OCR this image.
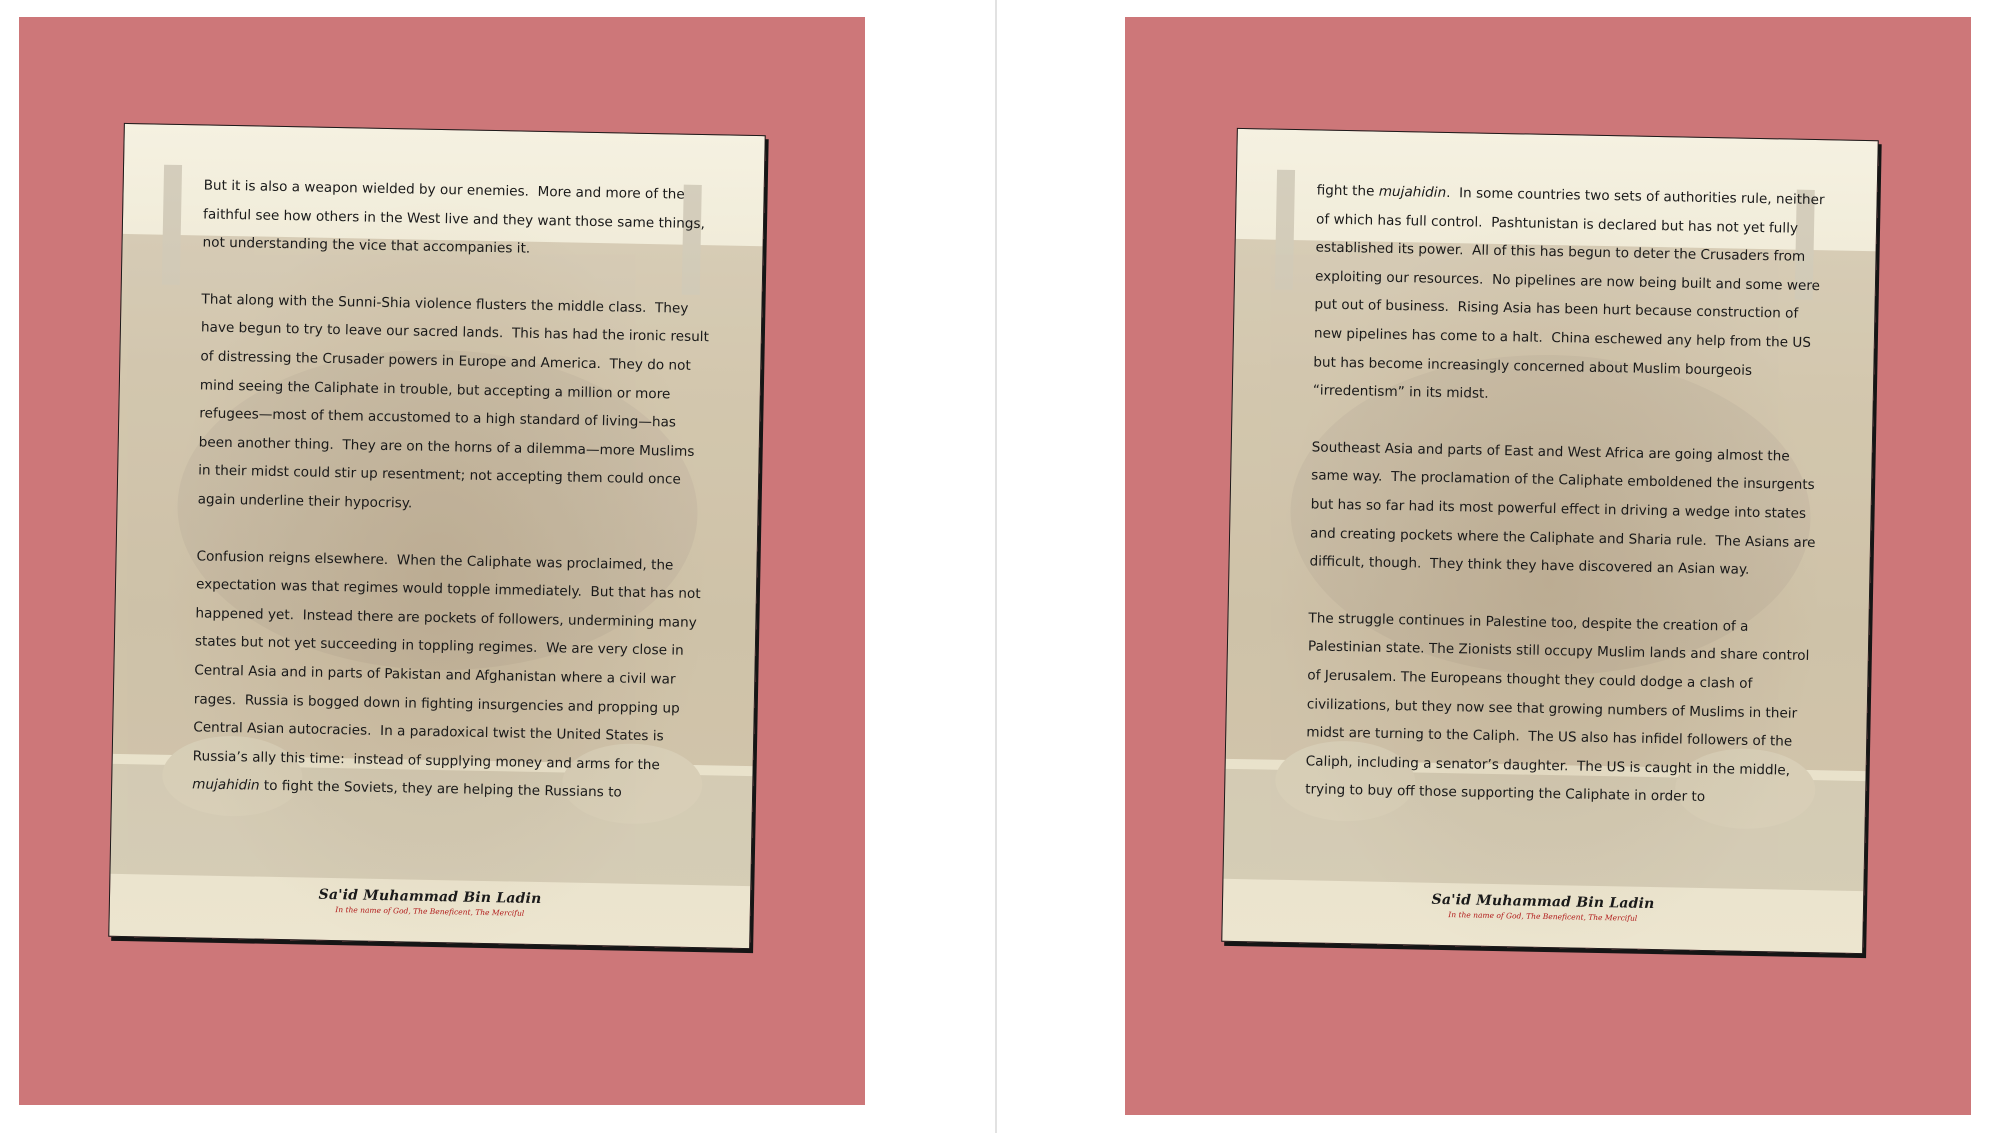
But it is also a weapon wielded by our enemies.  More and more of the faithful see how others in the West live and they want those same things, not understanding the vice that accompanies it.

That along with the Sunni-Shia violence flusters the middle class.  They have begun to try to leave our sacred lands.  This has had the ironic result of distressing the Crusader powers in Europe and America.  They do not mind seeing the Caliphate in trouble, but accepting a million or more refugees—most of them accustomed to a high standard of living—has been another thing.  They are on the horns of a dilemma—more Muslims in their midst could stir up resentment; not accepting them could once again underline their hypocrisy.

Confusion reigns elsewhere.  When the Caliphate was proclaimed, the expectation was that regimes would topple immediately.  But that has not happened yet.  Instead there are pockets of followers, undermining many states but not yet succeeding in toppling regimes.  We are very close in Central Asia and in parts of Pakistan and Afghanistan where a civil war rages.  Russia is bogged down in fighting insurgencies and propping up Central Asian autocracies.  In a paradoxical twist the United States is Russia’s ally this time:  instead of supplying money and arms for the mujahidin to fight the Soviets, they are helping the Russians to

Sa'id Muhammad Bin Ladin
In the name of God, The Beneficent, The Merciful

fight the mujahidin.  In some countries two sets of authorities rule, neither of which has full control.  Pashtunistan is declared but has not yet fully established its power.  All of this has begun to deter the Crusaders from exploiting our resources.  No pipelines are now being built and some were put out of business.  Rising Asia has been hurt because construction of new pipelines has come to a halt.  China eschewed any help from the US but has become increasingly concerned about Muslim bourgeois “irredentism” in its midst.

Southeast Asia and parts of East and West Africa are going almost the same way.  The proclamation of the Caliphate emboldened the insurgents but has so far had its most powerful effect in driving a wedge into states and creating pockets where the Caliphate and Sharia rule.  The Asians are difficult, though.  They think they have discovered an Asian way.

The struggle continues in Palestine too, despite the creation of a Palestinian state. The Zionists still occupy Muslim lands and share control of Jerusalem. The Europeans thought they could dodge a clash of civilizations, but they now see that growing numbers of Muslims in their midst are turning to the Caliph.  The US also has infidel followers of the Caliph, including a senator’s daughter.  The US is caught in the middle, trying to buy off those supporting the Caliphate in order to

Sa'id Muhammad Bin Ladin
In the name of God, The Beneficent, The Merciful
